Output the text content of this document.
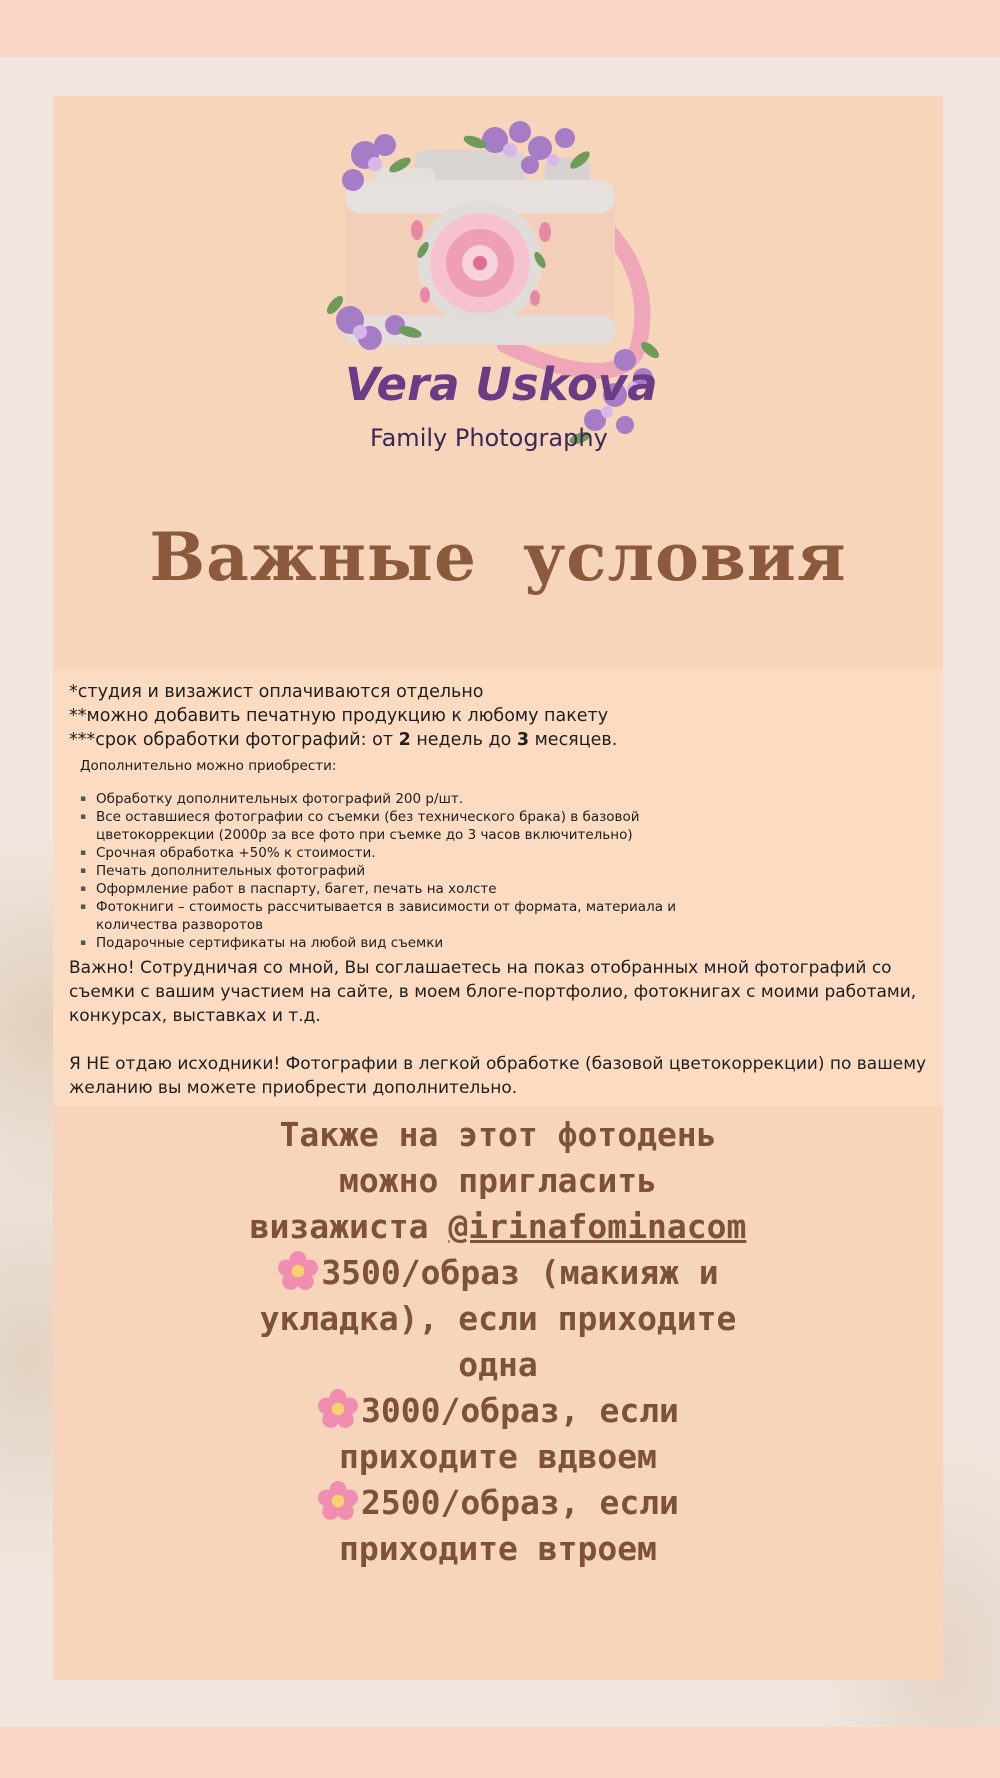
Vera Uskova
Family Photography
Важные условия
*студия и визажист оплачиваются отдельно
**можно добавить печатную продукцию к любому пакету
***срок обработки фотографий: от 2 недель до 3 месяцев.
Дополнительно можно приобрести:
▪ Обработку дополнительных фотографий 200 р/шт.
▪ Все оставшиеся фотографии со съемки (без технического брака) в базовой цветокоррекции (2000р за все фото при съемке до 3 часов включительно)
▪ Срочная обработка +50% к стоимости.
▪ Печать дополнительных фотографий
▪ Оформление работ в паспарту, багет, печать на холсте
▪ Фотокниги – стоимость рассчитывается в зависимости от формата, материала и количества разворотов
▪ Подарочные сертификаты на любой вид съемки

Важно! Сотрудничая со мной, Вы соглашаетесь на показ отобранных мной фотографий со съемки с вашим участием на сайте, в моем блоге-портфолио, фотокнигах с моими работами, конкурсах, выставках и т.д.

Я НЕ отдаю исходники! Фотографии в легкой обработке (базовой цветокоррекции) по вашему желанию вы можете приобрести дополнительно.

Также на этот фотодень
можно пригласить
визажиста @irinafominacom
3500/образ (макияж и
укладка), если приходите
одна
3000/образ, если
приходите вдвоем
2500/образ, если
приходите втроем
